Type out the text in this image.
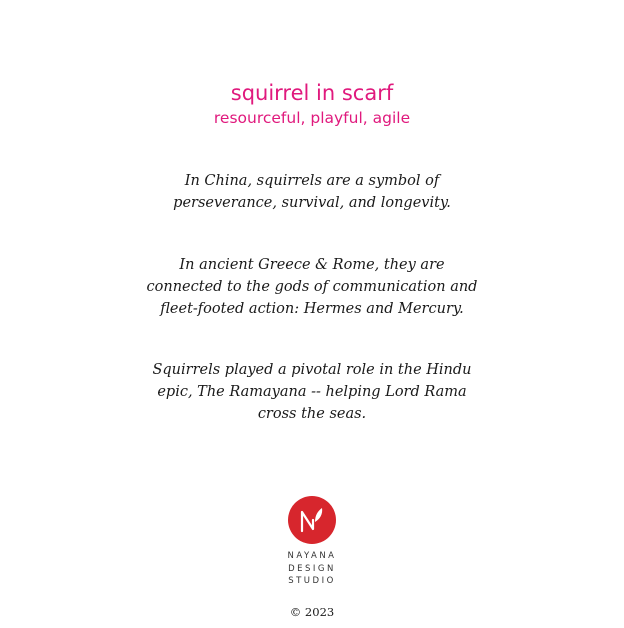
squirrel in scarf
resourceful, playful, agile
In China, squirrels are a symbol of
perseverance, survival, and longevity.
In ancient Greece & Rome, they are
connected to the gods of communication and
fleet-footed action: Hermes and Mercury.
Squirrels played a pivotal role in the Hindu
epic, The Ramayana -- helping Lord Rama
cross the seas.
NAYANA
DESIGN
STUDIO
© 2023
